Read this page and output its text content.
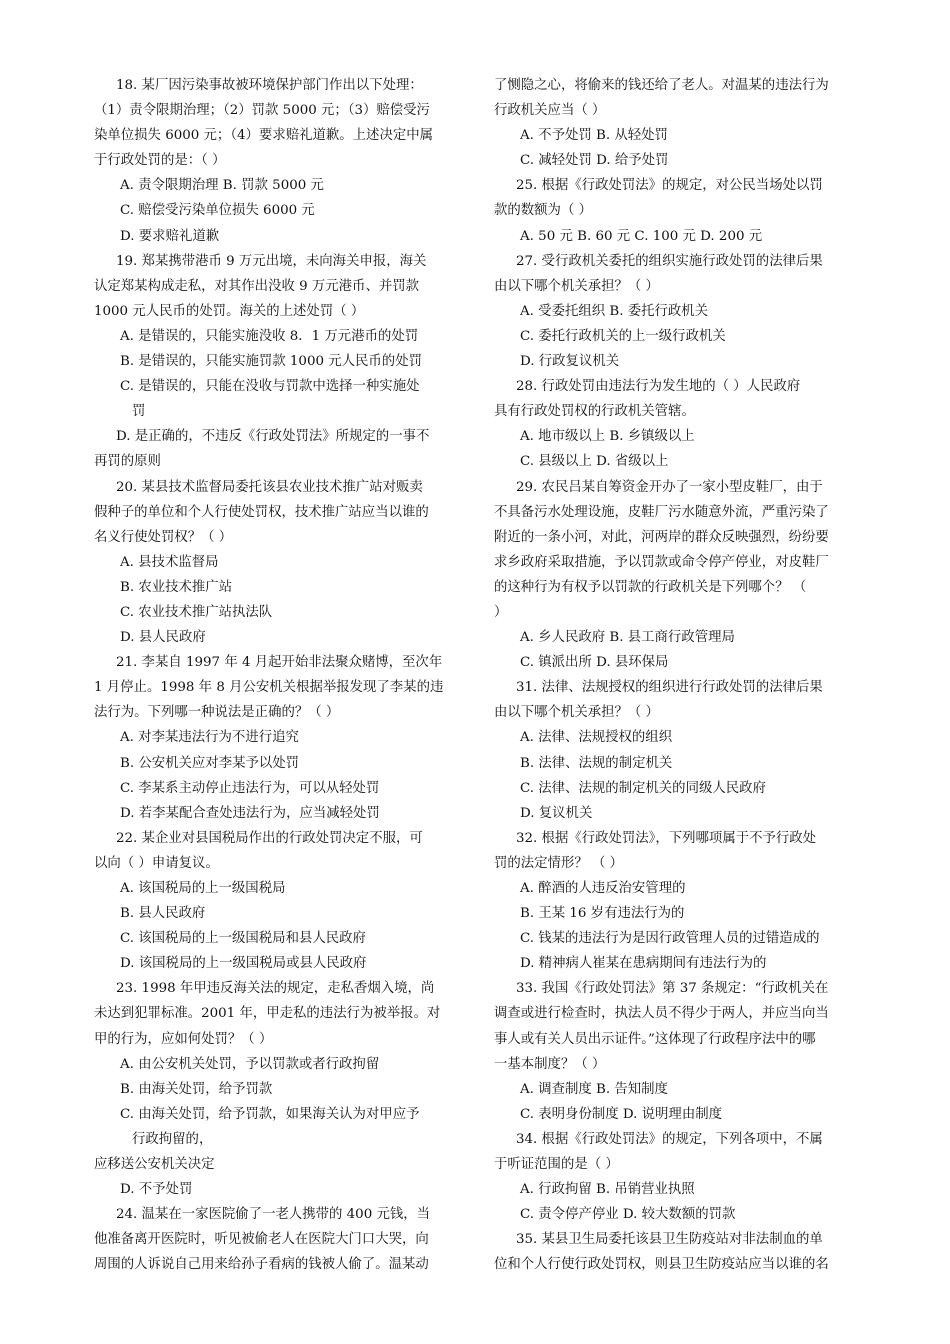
18. 某厂因污染事故被环境保护部门作出以下处理：
（1）责令限期治理；（2）罚款 5000 元；（3）赔偿受污
染单位损失 6000 元；（4）要求赔礼道歉。上述决定中属
于行政处罚的是：（ ）
A. 责令限期治理 B. 罚款 5000 元
C. 赔偿受污染单位损失 6000 元
D. 要求赔礼道歉
19. 郑某携带港币 9 万元出境，未向海关申报，海关
认定郑某构成走私，对其作出没收 9 万元港币、并罚款
1000 元人民币的处罚。海关的上述处罚（ ）
A. 是错误的，只能实施没收 8．1 万元港币的处罚
B. 是错误的，只能实施罚款 1000 元人民币的处罚
C. 是错误的，只能在没收与罚款中选择一种实施处
罚
D. 是正确的，不违反《行政处罚法》所规定的一事不
再罚的原则
20. 某县技术监督局委托该县农业技术推广站对贩卖
假种子的单位和个人行使处罚权，技术推广站应当以谁的
名义行使处罚权？（ ）
A. 县技术监督局
B. 农业技术推广站
C. 农业技术推广站执法队
D. 县人民政府
21. 李某自 1997 年 4 月起开始非法聚众赌博，至次年
1 月停止。1998 年 8 月公安机关根据举报发现了李某的违
法行为。下列哪一种说法是正确的？（ ）
A. 对李某违法行为不进行追究
B. 公安机关应对李某予以处罚
C. 李某系主动停止违法行为，可以从轻处罚
D. 若李某配合查处违法行为，应当减轻处罚
22. 某企业对县国税局作出的行政处罚决定不服，可
以向（ ）申请复议。
A. 该国税局的上一级国税局
B. 县人民政府
C. 该国税局的上一级国税局和县人民政府
D. 该国税局的上一级国税局或县人民政府
23. 1998 年甲违反海关法的规定，走私香烟入境，尚
未达到犯罪标准。2001 年，甲走私的违法行为被举报。对
甲的行为，应如何处罚？（ ）
A. 由公安机关处罚，予以罚款或者行政拘留
B. 由海关处罚，给予罚款
C. 由海关处罚，给予罚款，如果海关认为对甲应予
行政拘留的，
应移送公安机关决定
D. 不予处罚
24. 温某在一家医院偷了一老人携带的 400 元钱，当
他准备离开医院时，听见被偷老人在医院大门口大哭，向
周围的人诉说自己用来给孙子看病的钱被人偷了。温某动
了恻隐之心，将偷来的钱还给了老人。对温某的违法行为
行政机关应当（ ）
A. 不予处罚 B. 从轻处罚
C. 减轻处罚 D. 给予处罚
25. 根据《行政处罚法》的规定，对公民当场处以罚
款的数额为（ ）
A. 50 元 B. 60 元 C. 100 元 D. 200 元
27. 受行政机关委托的组织实施行政处罚的法律后果
由以下哪个机关承担？（ ）
A. 受委托组织 B. 委托行政机关
C. 委托行政机关的上一级行政机关
D. 行政复议机关
28. 行政处罚由违法行为发生地的（ ）人民政府
具有行政处罚权的行政机关管辖。
A. 地市级以上 B. 乡镇级以上
C. 县级以上 D. 省级以上
29. 农民吕某自筹资金开办了一家小型皮鞋厂，由于
不具备污水处理设施，皮鞋厂污水随意外流，严重污染了
附近的一条小河，对此，河两岸的群众反映强烈，纷纷要
求乡政府采取措施，予以罚款或命令停产停业，对皮鞋厂
的这种行为有权予以罚款的行政机关是下列哪个？ （
）
A. 乡人民政府 B. 县工商行政管理局
C. 镇派出所 D. 县环保局
31. 法律、法规授权的组织进行行政处罚的法律后果
由以下哪个机关承担？（ ）
A. 法律、法规授权的组织
B. 法律、法规的制定机关
C. 法律、法规的制定机关的同级人民政府
D. 复议机关
32. 根据《行政处罚法》，下列哪项属于不予行政处
罚的法定情形？ （ ）
A. 醉酒的人违反治安管理的
B. 王某 16 岁有违法行为的
C. 钱某的违法行为是因行政管理人员的过错造成的
D. 精神病人崔某在患病期间有违法行为的
33. 我国《行政处罚法》第 37 条规定：“行政机关在
调查或进行检查时，执法人员不得少于两人，并应当向当
事人或有关人员出示证件。”这体现了行政程序法中的哪
一基本制度？（ ）
A. 调查制度 B. 告知制度
C. 表明身份制度 D. 说明理由制度
34. 根据《行政处罚法》的规定，下列各项中，不属
于听证范围的是（ ）
A. 行政拘留 B. 吊销营业执照
C. 责令停产停业 D. 较大数额的罚款
35. 某县卫生局委托该县卫生防疫站对非法制血的单
位和个人行使行政处罚权，则县卫生防疫站应当以谁的名
